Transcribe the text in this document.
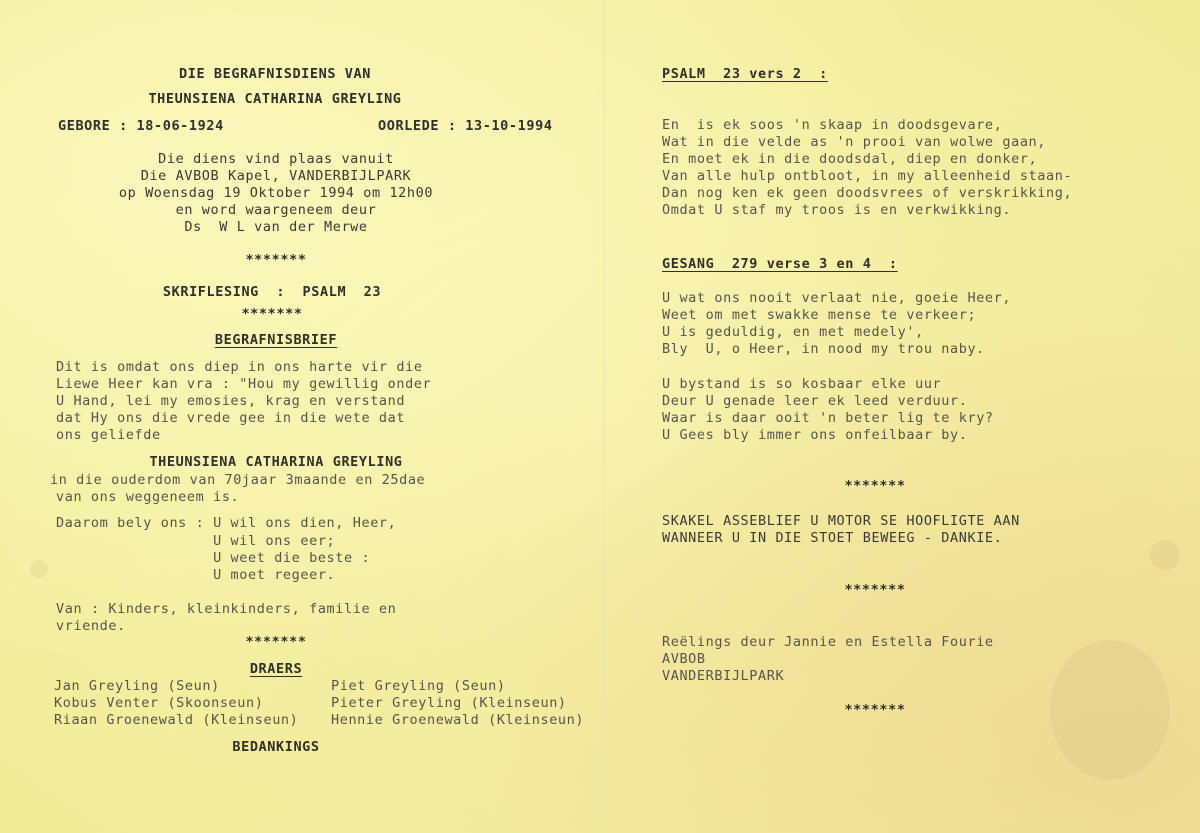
DIE BEGRAFNISDIENS VAN
THEUNSIENA CATHARINA GREYLING
GEBORE : 18-06-1924	OORLEDE : 13-10-1994
Die diens vind plaas vanuit
Die AVBOB Kapel, VANDERBIJLPARK
op Woensdag 19 Oktober 1994 om 12h00
en word waargeneem deur
Ds  W L van der Merwe
*******
SKRIFLESING  :  PSALM  23
*******
BEGRAFNISBRIEF
Dit is omdat ons diep in ons harte vir die
Liewe Heer kan vra : "Hou my gewillig onder
U Hand, lei my emosies, krag en verstand
dat Hy ons die vrede gee in die wete dat
ons geliefde
THEUNSIENA CATHARINA GREYLING
in die ouderdom van 70jaar 3maande en 25dae
van ons weggeneem is.
Daarom bely ons : U wil ons dien, Heer,
U wil ons eer;
U weet die beste :
U moet regeer.
Van : Kinders, kleinkinders, familie en
vriende.
*******
DRAERS
Jan Greyling (Seun)
Kobus Venter (Skoonseun)
Riaan Groenewald (Kleinseun)
Piet Greyling (Seun)
Pieter Greyling (Kleinseun)
Hennie Groenewald (Kleinseun)
BEDANKINGS
PSALM  23 vers 2  :
En  is ek soos 'n skaap in doodsgevare,
Wat in die velde as 'n prooi van wolwe gaan,
En moet ek in die doodsdal, diep en donker,
Van alle hulp ontbloot, in my alleenheid staan-
Dan nog ken ek geen doodsvrees of verskrikking,
Omdat U staf my troos is en verkwikking.
GESANG  279 verse 3 en 4  :
U wat ons nooit verlaat nie, goeie Heer,
Weet om met swakke mense te verkeer;
U is geduldig, en met medely',
Bly  U, o Heer, in nood my trou naby.
U bystand is so kosbaar elke uur
Deur U genade leer ek leed verduur.
Waar is daar ooit 'n beter lig te kry?
U Gees bly immer ons onfeilbaar by.
*******
SKAKEL ASSEBLIEF U MOTOR SE HOOFLIGTE AAN
WANNEER U IN DIE STOET BEWEEG - DANKIE.
*******
Reëlings deur Jannie en Estella Fourie
AVBOB
VANDERBIJLPARK
*******
